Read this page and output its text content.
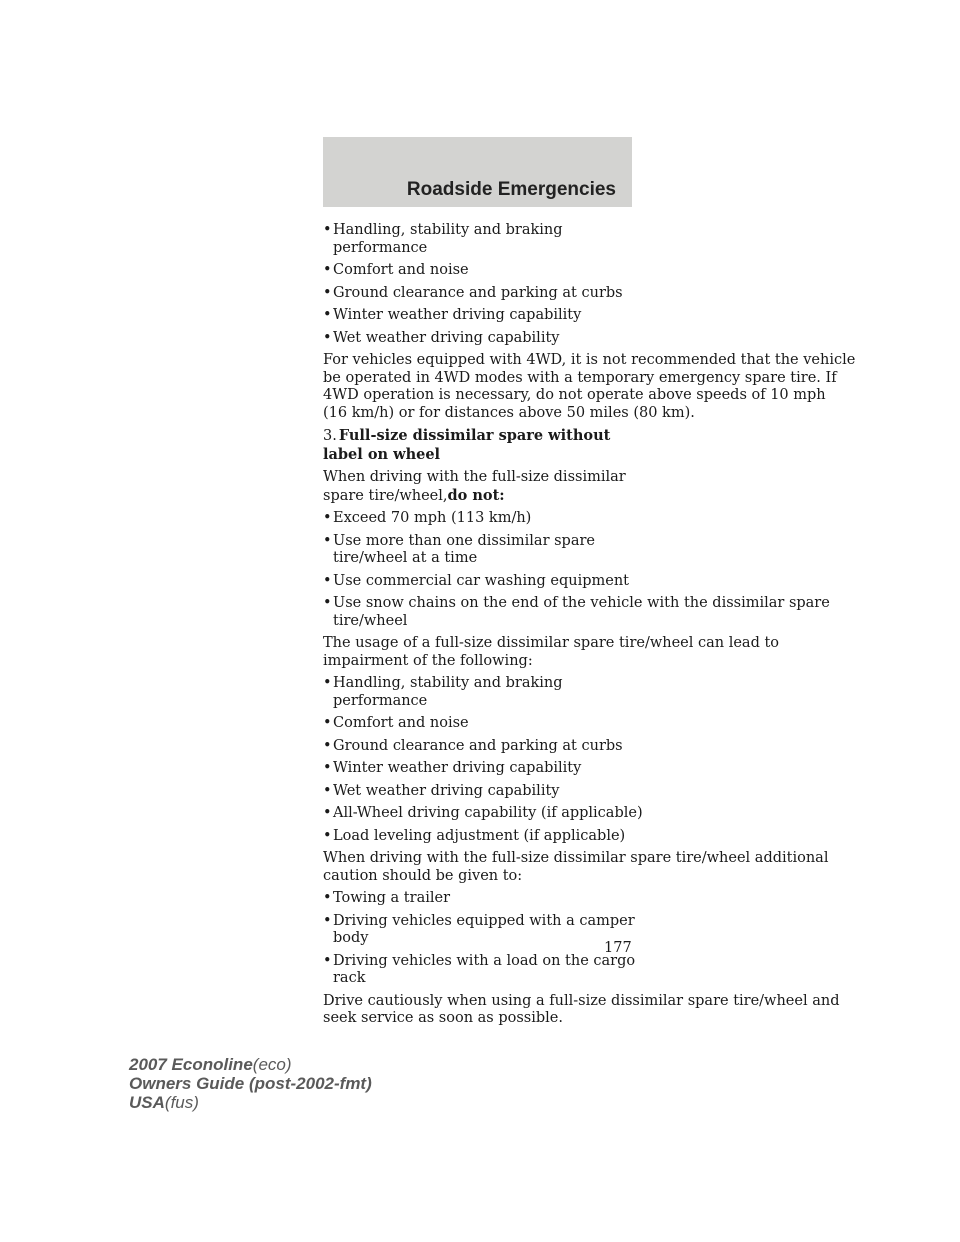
Roadside Emergencies
• Handling, stability and braking performance
• Comfort and noise
• Ground clearance and parking at curbs
• Winter weather driving capability
• Wet weather driving capability
For vehicles equipped with 4WD, it is not recommended that the vehicle
be operated in 4WD modes with a temporary emergency spare tire. If
4WD operation is necessary, do not operate above speeds of 10 mph
(16 km/h) or for distances above 50 miles (80 km).
3. Full-size dissimilar spare without label on wheel
When driving with the full-size dissimilar spare tire/wheel,do not:
• Exceed 70 mph (113 km/h)
• Use more than one dissimilar spare tire/wheel at a time
• Use commercial car washing equipment
• Use snow chains on the end of the vehicle with the dissimilar spare
tire/wheel
The usage of a full-size dissimilar spare tire/wheel can lead to
impairment of the following:
• Handling, stability and braking performance
• Comfort and noise
• Ground clearance and parking at curbs
• Winter weather driving capability
• Wet weather driving capability
• All-Wheel driving capability (if applicable)
• Load leveling adjustment (if applicable)
When driving with the full-size dissimilar spare tire/wheel additional
caution should be given to:
• Towing a trailer
• Driving vehicles equipped with a camper body
• Driving vehicles with a load on the cargo rack
Drive cautiously when using a full-size dissimilar spare tire/wheel and
seek service as soon as possible.
177
2007 Econoline(eco)
Owners Guide (post-2002-fmt)
USA(fus)
